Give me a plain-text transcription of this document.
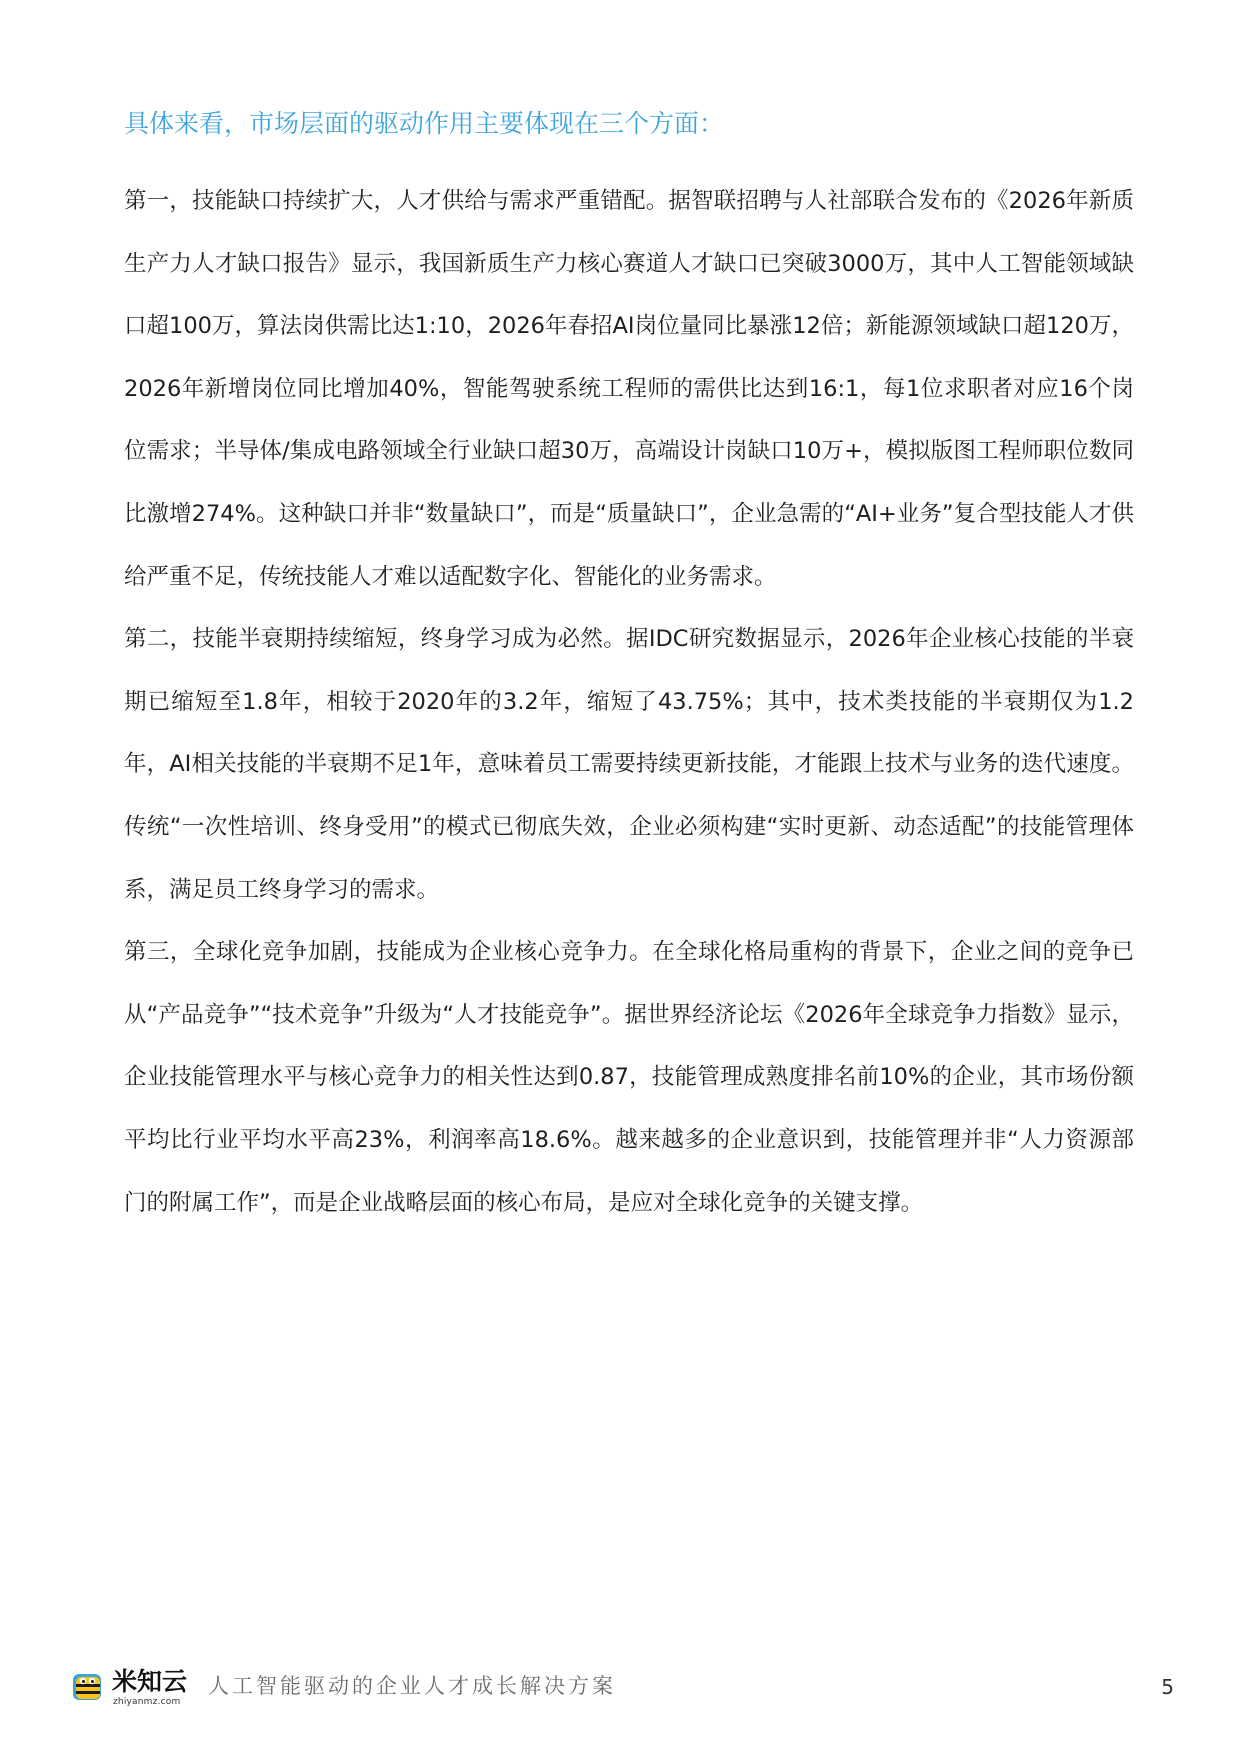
具体来看，市场层面的驱动作用主要体现在三个方面：

第一，技能缺口持续扩大，人才供给与需求严重错配。据智联招聘与人社部联合发布的《2026年新质生产力人才缺口报告》显示，我国新质生产力核心赛道人才缺口已突破3000万，其中人工智能领域缺口超100万，算法岗供需比达1:10，2026年春招AI岗位量同比暴涨12倍；新能源领域缺口超120万，2026年新增岗位同比增加40%，智能驾驶系统工程师的需供比达到16:1，每1位求职者对应16个岗位需求；半导体/集成电路领域全行业缺口超30万，高端设计岗缺口10万+，模拟版图工程师职位数同比激增274%。这种缺口并非“数量缺口”，而是“质量缺口”，企业急需的“AI+业务”复合型技能人才供给严重不足，传统技能人才难以适配数字化、智能化的业务需求。

第二，技能半衰期持续缩短，终身学习成为必然。据IDC研究数据显示，2026年企业核心技能的半衰期已缩短至1.8年，相较于2020年的3.2年，缩短了43.75%；其中，技术类技能的半衰期仅为1.2年，AI相关技能的半衰期不足1年，意味着员工需要持续更新技能，才能跟上技术与业务的迭代速度。传统“一次性培训、终身受用”的模式已彻底失效，企业必须构建“实时更新、动态适配”的技能管理体系，满足员工终身学习的需求。

第三，全球化竞争加剧，技能成为企业核心竞争力。在全球化格局重构的背景下，企业之间的竞争已从“产品竞争”“技术竞争”升级为“人才技能竞争”。据世界经济论坛《2026年全球竞争力指数》显示，企业技能管理水平与核心竞争力的相关性达到0.87，技能管理成熟度排名前10%的企业，其市场份额平均比行业平均水平高23%，利润率高18.6%。越来越多的企业意识到，技能管理并非“人力资源部门的附属工作”，而是企业战略层面的核心布局，是应对全球化竞争的关键支撑。

米知云
zhiyanmz.com
人工智能驱动的企业人才成长解决方案	5
